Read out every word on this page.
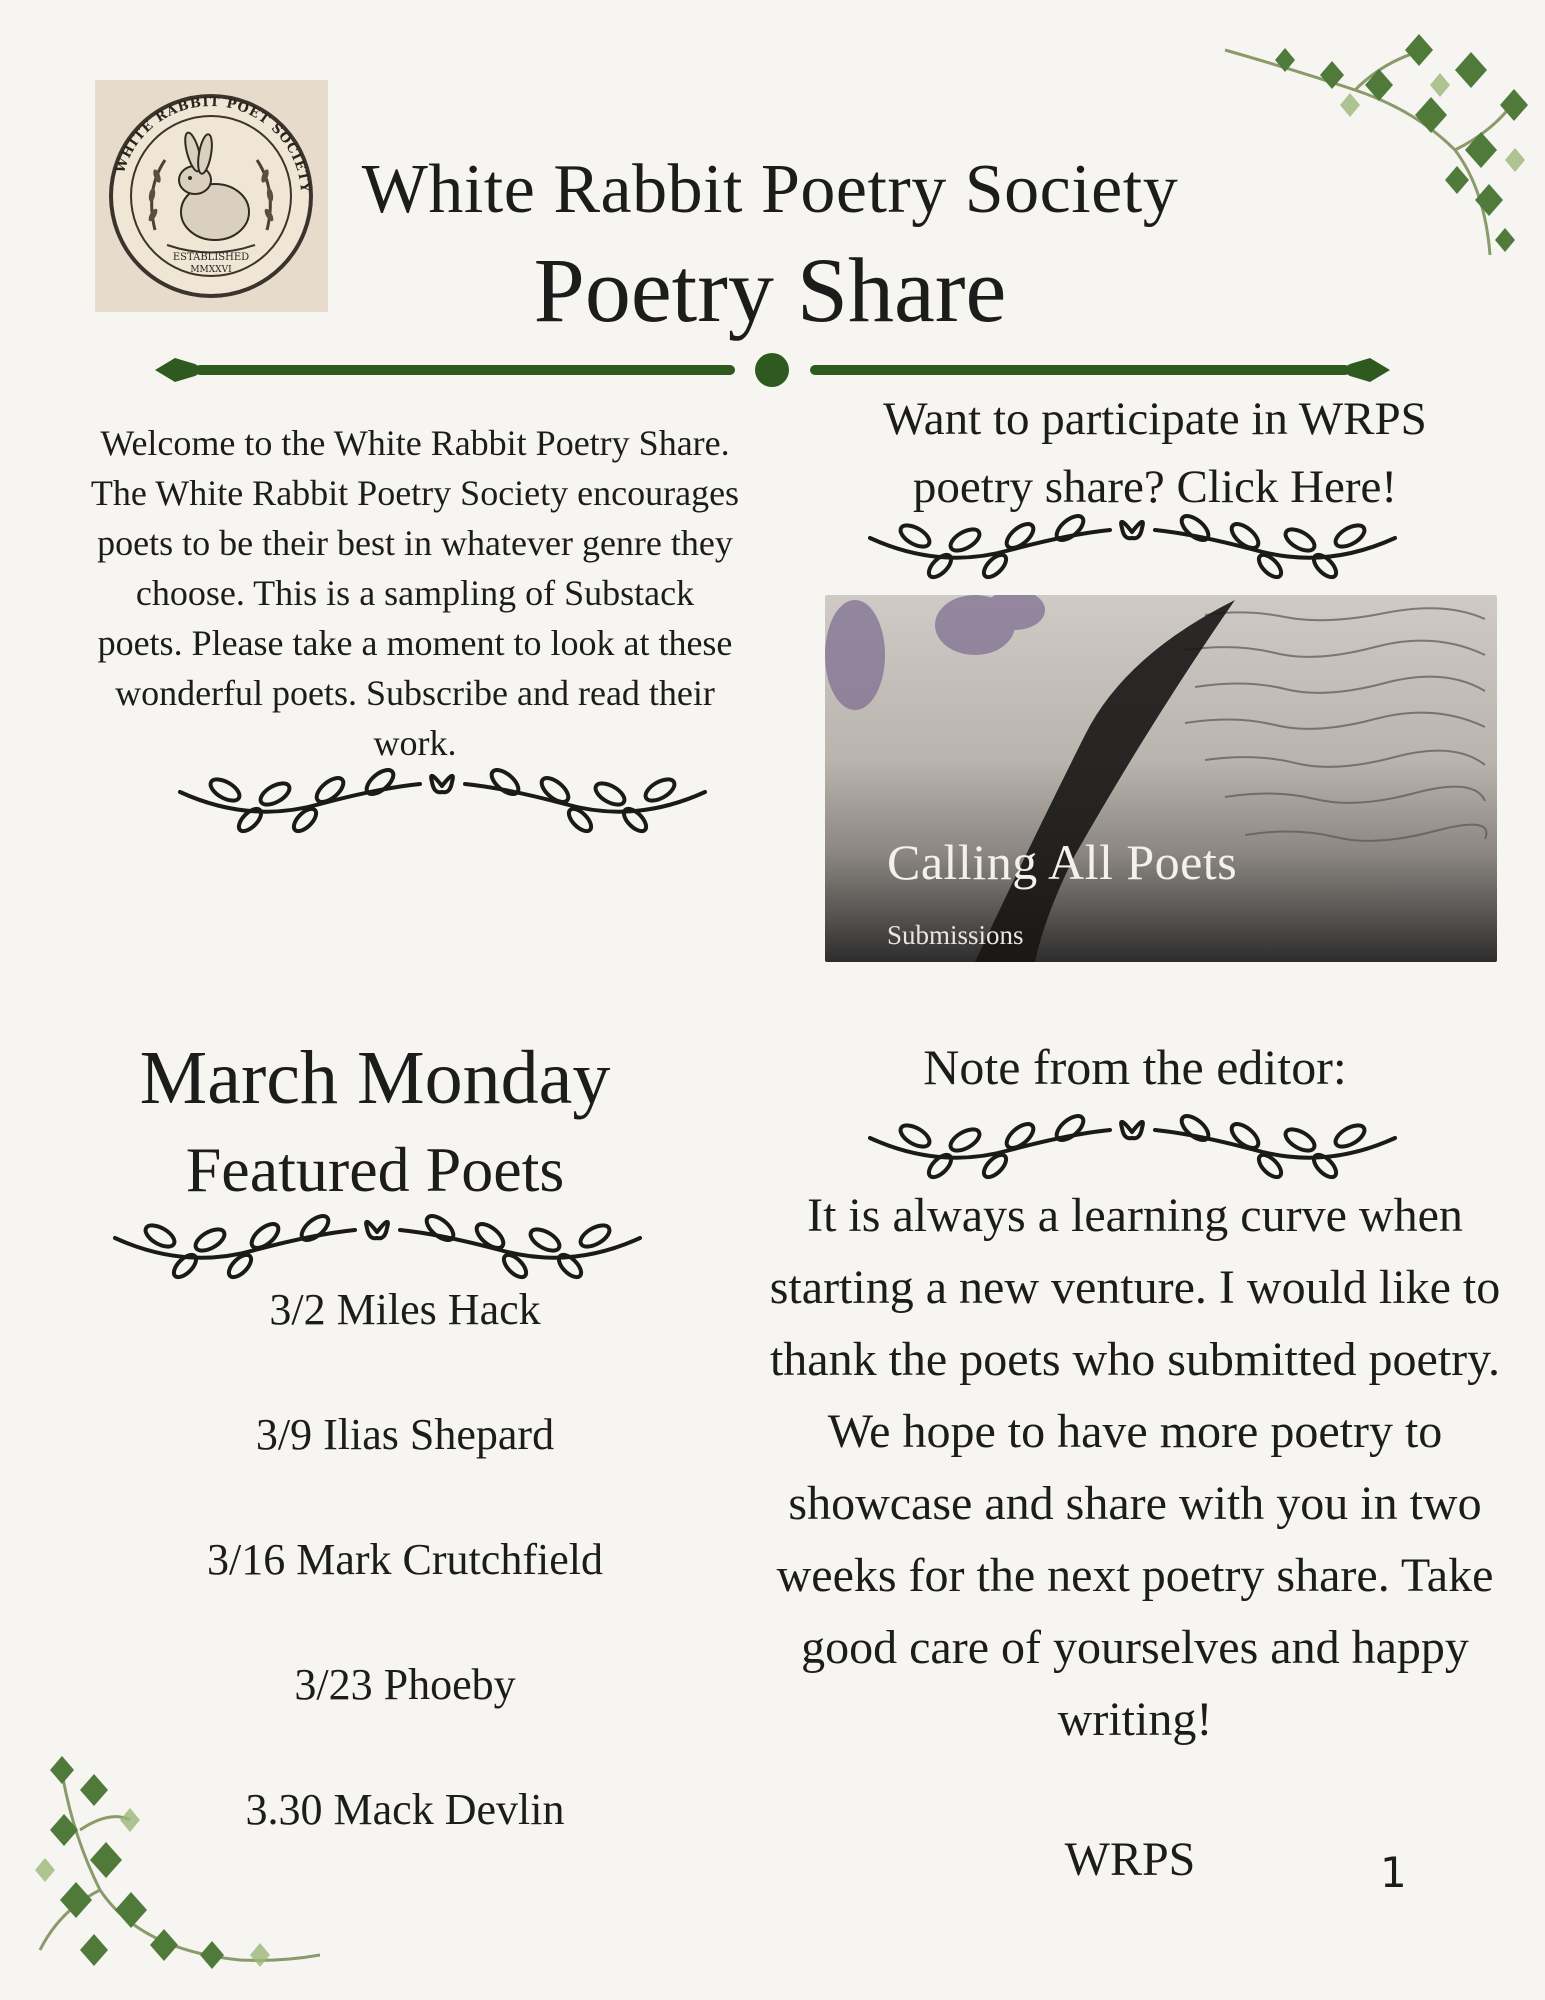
WHITE RABBIT POET SOCIETY
ESTABLISHED
MMXXVI
White Rabbit Poetry Society
Poetry Share
Welcome to the White Rabbit Poetry Share. The White Rabbit Poetry Society encourages poets to be their best in whatever genre they choose. This is a sampling of Substack poets. Please take a moment to look at these wonderful poets. Subscribe and read their work.
Want to participate in WRPS poetry share? Click Here!
Calling All Poets
Submissions
March Monday
Featured Poets
3/2 Miles Hack
3/9 Ilias Shepard
3/16 Mark Crutchfield
3/23 Phoeby
3.30 Mack Devlin
Note from the editor:
It is always a learning curve when starting a new venture. I would like to thank the poets who submitted poetry. We hope to have more poetry to showcase and share with you in two weeks for the next poetry share. Take good care of yourselves and happy writing!
WRPS	1
